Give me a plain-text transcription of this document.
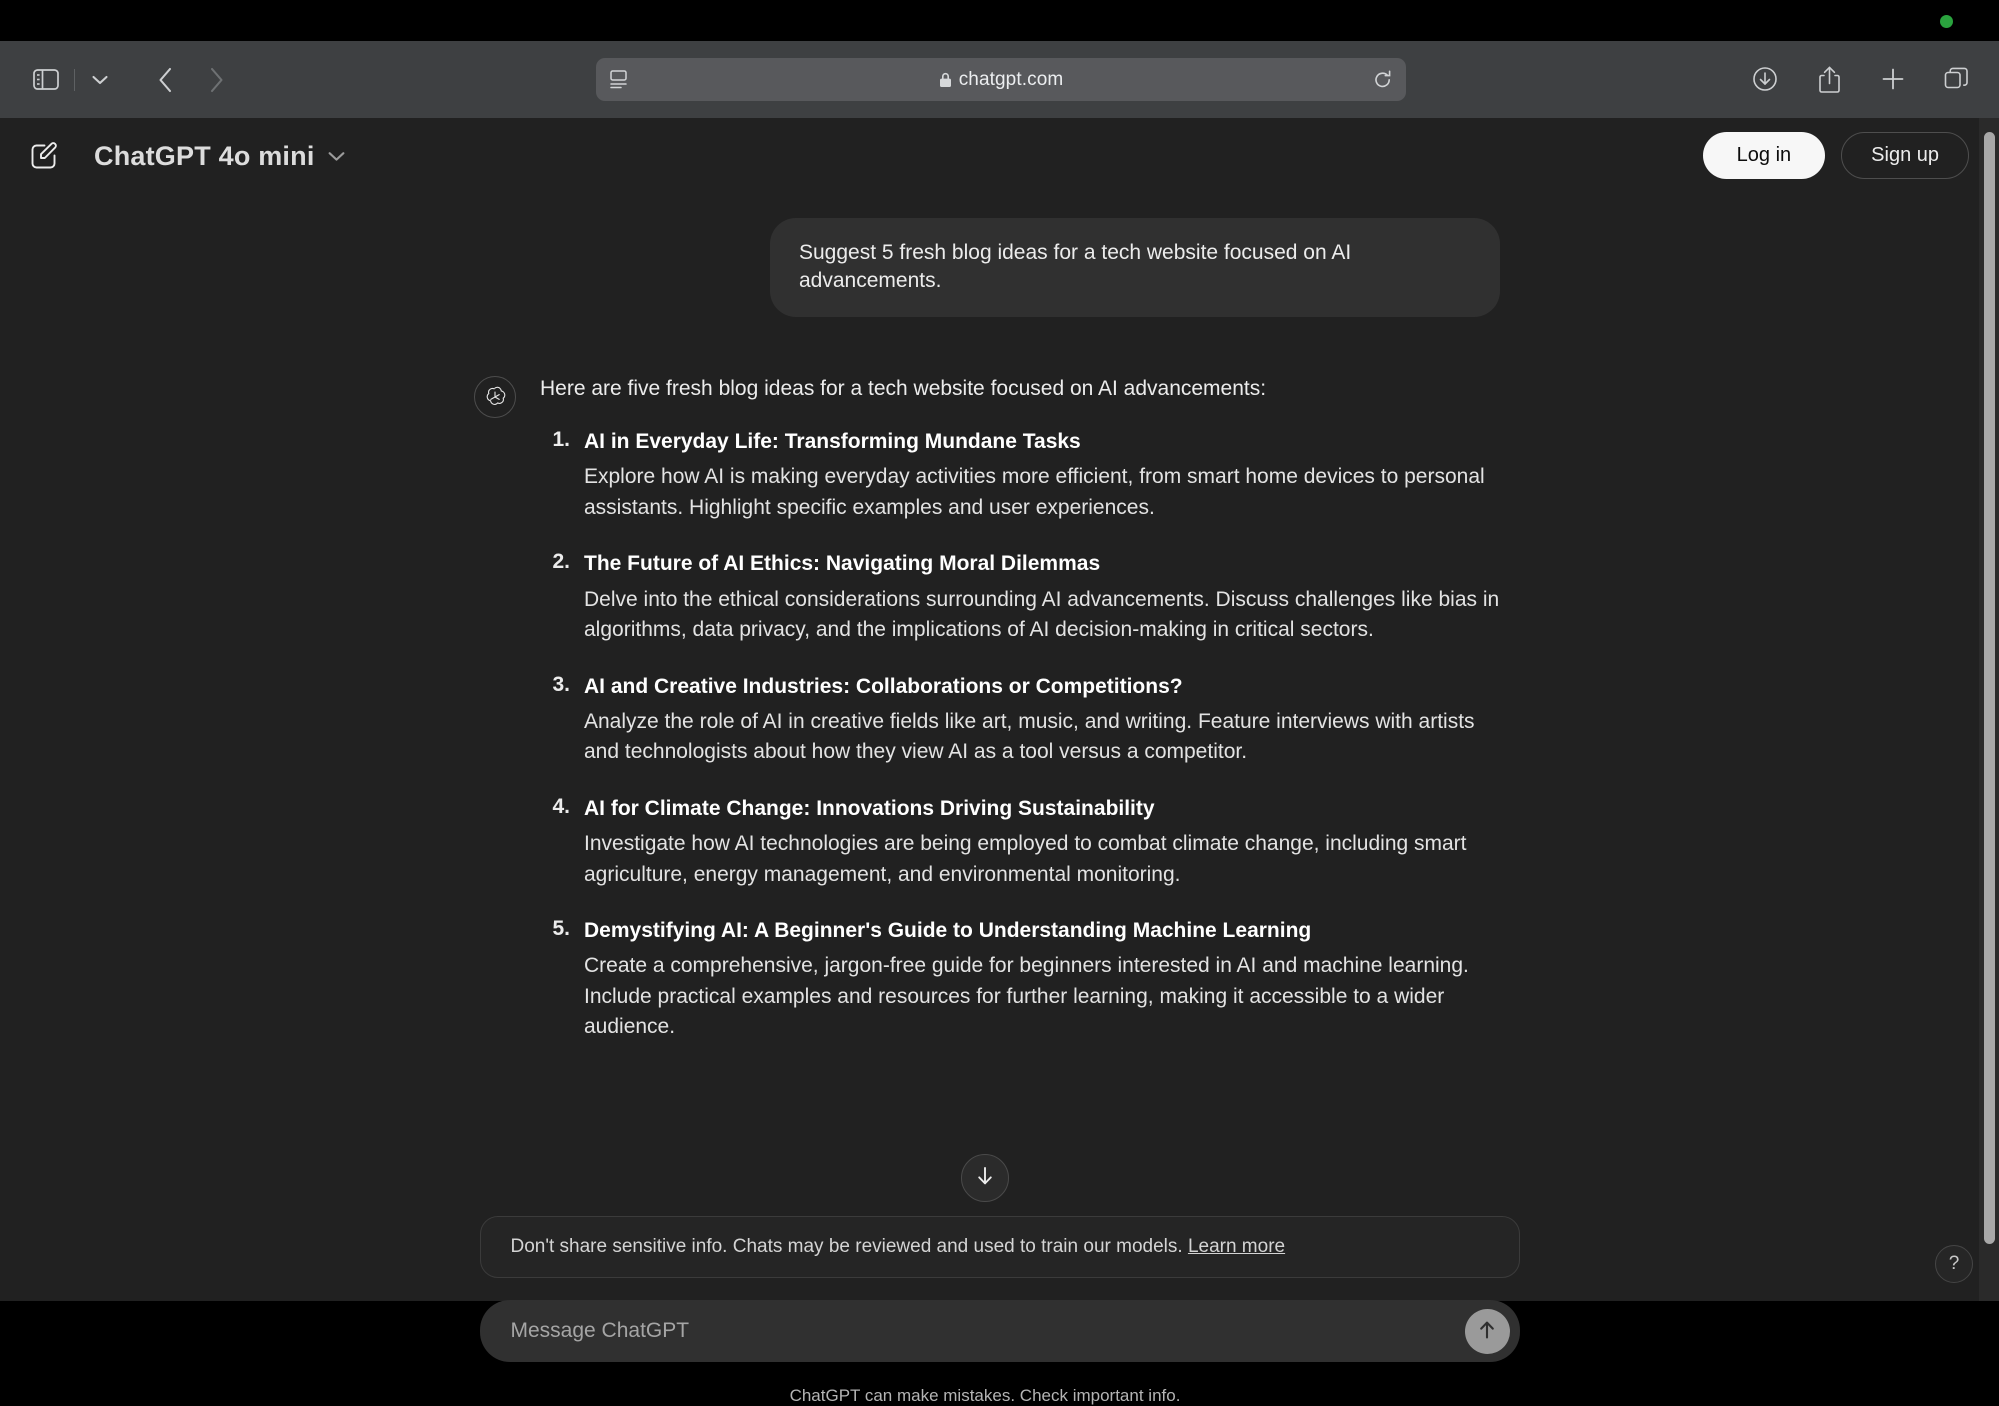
chatgpt.com
ChatGPT 4o mini	Log in	Sign up
Suggest 5 fresh blog ideas for a tech website focused on AI advancements.
Here are five fresh blog ideas for a tech website focused on AI advancements:
AI in Everyday Life: Transforming Mundane Tasks
Explore how AI is making everyday activities more efficient, from smart home devices to personal assistants. Highlight specific examples and user experiences.
The Future of AI Ethics: Navigating Moral Dilemmas
Delve into the ethical considerations surrounding AI advancements. Discuss challenges like bias in algorithms, data privacy, and the implications of AI decision-making in critical sectors.
AI and Creative Industries: Collaborations or Competitions?
Analyze the role of AI in creative fields like art, music, and writing. Feature interviews with artists and technologists about how they view AI as a tool versus a competitor.
AI for Climate Change: Innovations Driving Sustainability
Investigate how AI technologies are being employed to combat climate change, including smart agriculture, energy management, and environmental monitoring.
Demystifying AI: A Beginner's Guide to Understanding Machine Learning
Create a comprehensive, jargon-free guide for beginners interested in AI and machine learning. Include practical examples and resources for further learning, making it accessible to a wider audience.
Don't share sensitive info. Chats may be reviewed and used to train our models. Learn more
Message ChatGPT
ChatGPT can make mistakes. Check important info.
?
